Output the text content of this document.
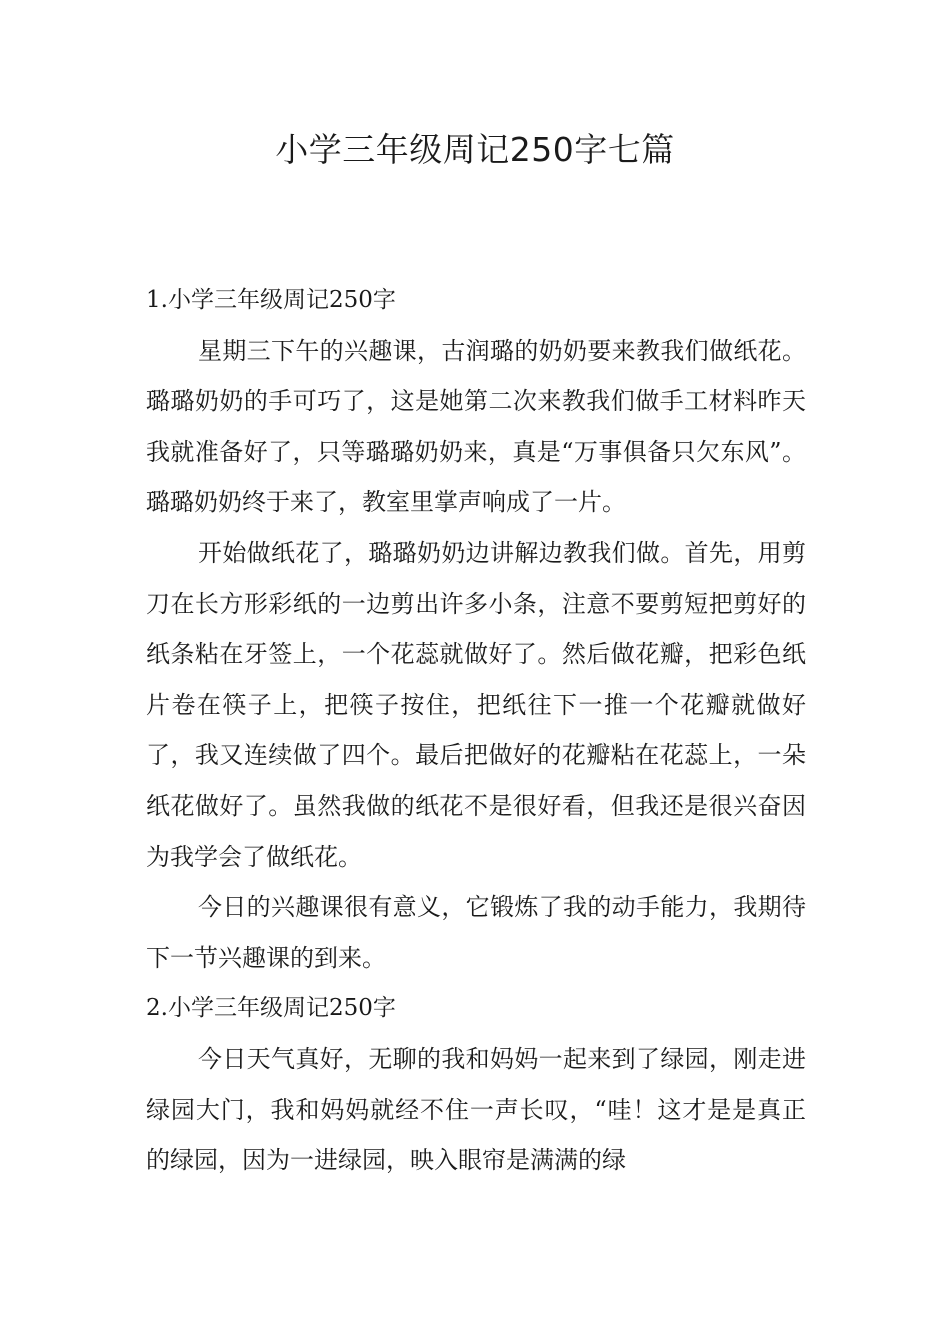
小学三年级周记250字七篇
1.小学三年级周记250字

星期三下午的兴趣课，古润璐的奶奶要来教我们做纸花。璐璐奶奶的手可巧了，这是她第二次来教我们做手工材料昨天我就准备好了，只等璐璐奶奶来，真是“万事俱备只欠东风”。璐璐奶奶终于来了，教室里掌声响成了一片。

开始做纸花了，璐璐奶奶边讲解边教我们做。首先，用剪刀在长方形彩纸的一边剪出许多小条，注意不要剪短把剪好的纸条粘在牙签上，一个花蕊就做好了。然后做花瓣，把彩色纸片卷在筷子上，把筷子按住，把纸往下一推一个花瓣就做好了，我又连续做了四个。最后把做好的花瓣粘在花蕊上，一朵纸花做好了。虽然我做的纸花不是很好看，但我还是很兴奋因为我学会了做纸花。

今日的兴趣课很有意义，它锻炼了我的动手能力，我期待下一节兴趣课的到来。

2.小学三年级周记250字

今日天气真好，无聊的我和妈妈一起来到了绿园，刚走进绿园大门，我和妈妈就经不住一声长叹，“哇！这才是是真正的绿园，因为一进绿园，映入眼帘是满满的绿
